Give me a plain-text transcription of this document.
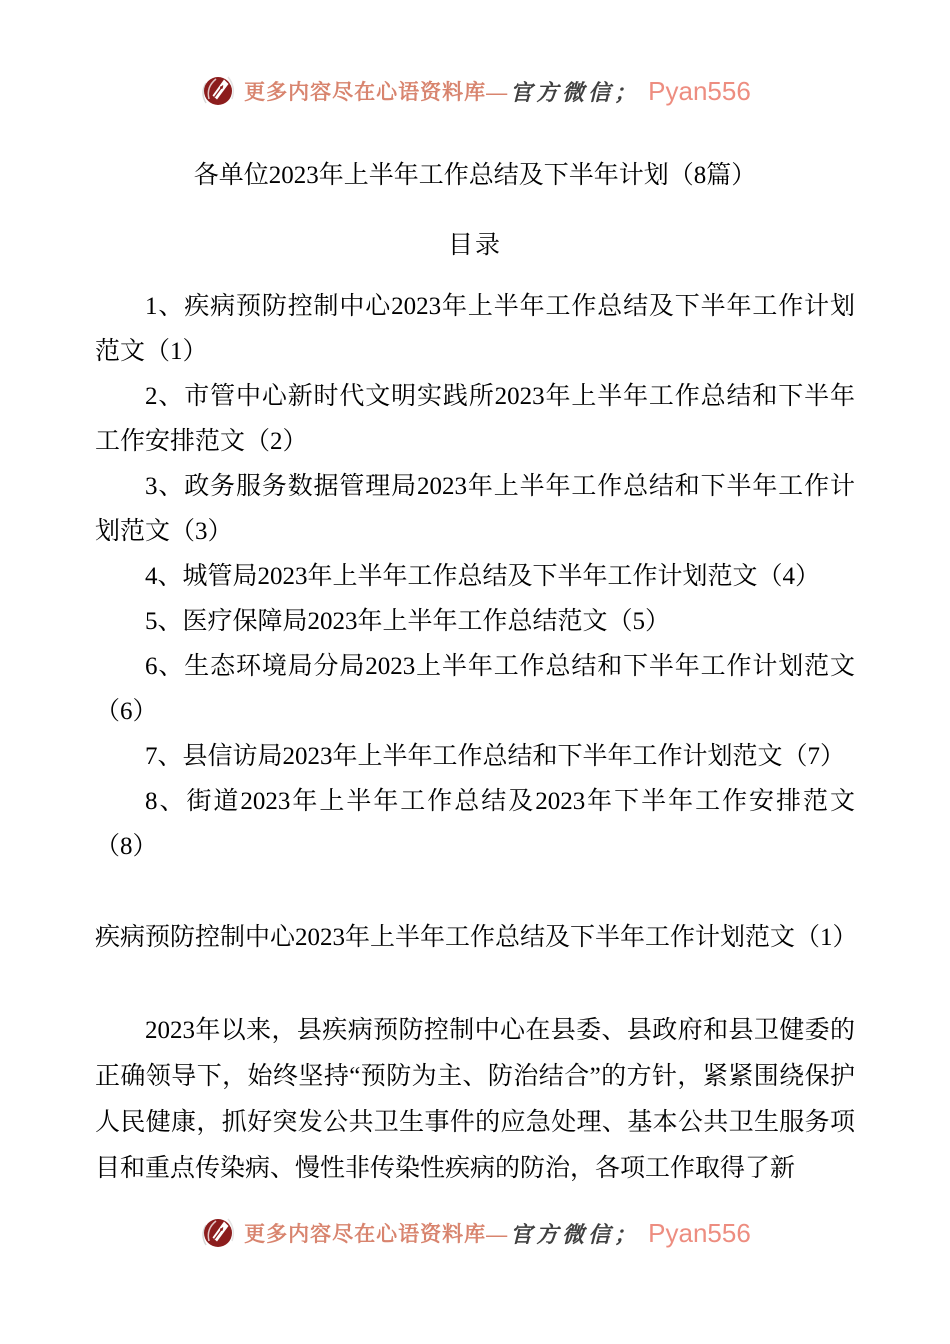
更多内容尽在心语资料库— 官方微信； Pyan556
各单位2023年上半年工作总结及下半年计划（8篇）
目录

1、疾病预防控制中心2023年上半年工作总结及下半年工作计划范文（1）

2、市管中心新时代文明实践所2023年上半年工作总结和下半年工作安排范文（2）

3、政务服务数据管理局2023年上半年工作总结和下半年工作计划范文（3）

4、城管局2023年上半年工作总结及下半年工作计划范文（4）

5、医疗保障局2023年上半年工作总结范文（5）

6、生态环境局分局2023上半年工作总结和下半年工作计划范文（6）

7、县信访局2023年上半年工作总结和下半年工作计划范文（7）

8、街道2023年上半年工作总结及2023年下半年工作安排范文（8）

疾病预防控制中心2023年上半年工作总结及下半年工作计划范文（1）

2023年以来，县疾病预防控制中心在县委、县政府和县卫健委的正确领导下，始终坚持“预防为主、防治结合”的方针，紧紧围绕保护人民健康，抓好突发公共卫生事件的应急处理、基本公共卫生服务项目和重点传染病、慢性非传染性疾病的防治，各项工作取得了新

更多内容尽在心语资料库— 官方微信； Pyan556
